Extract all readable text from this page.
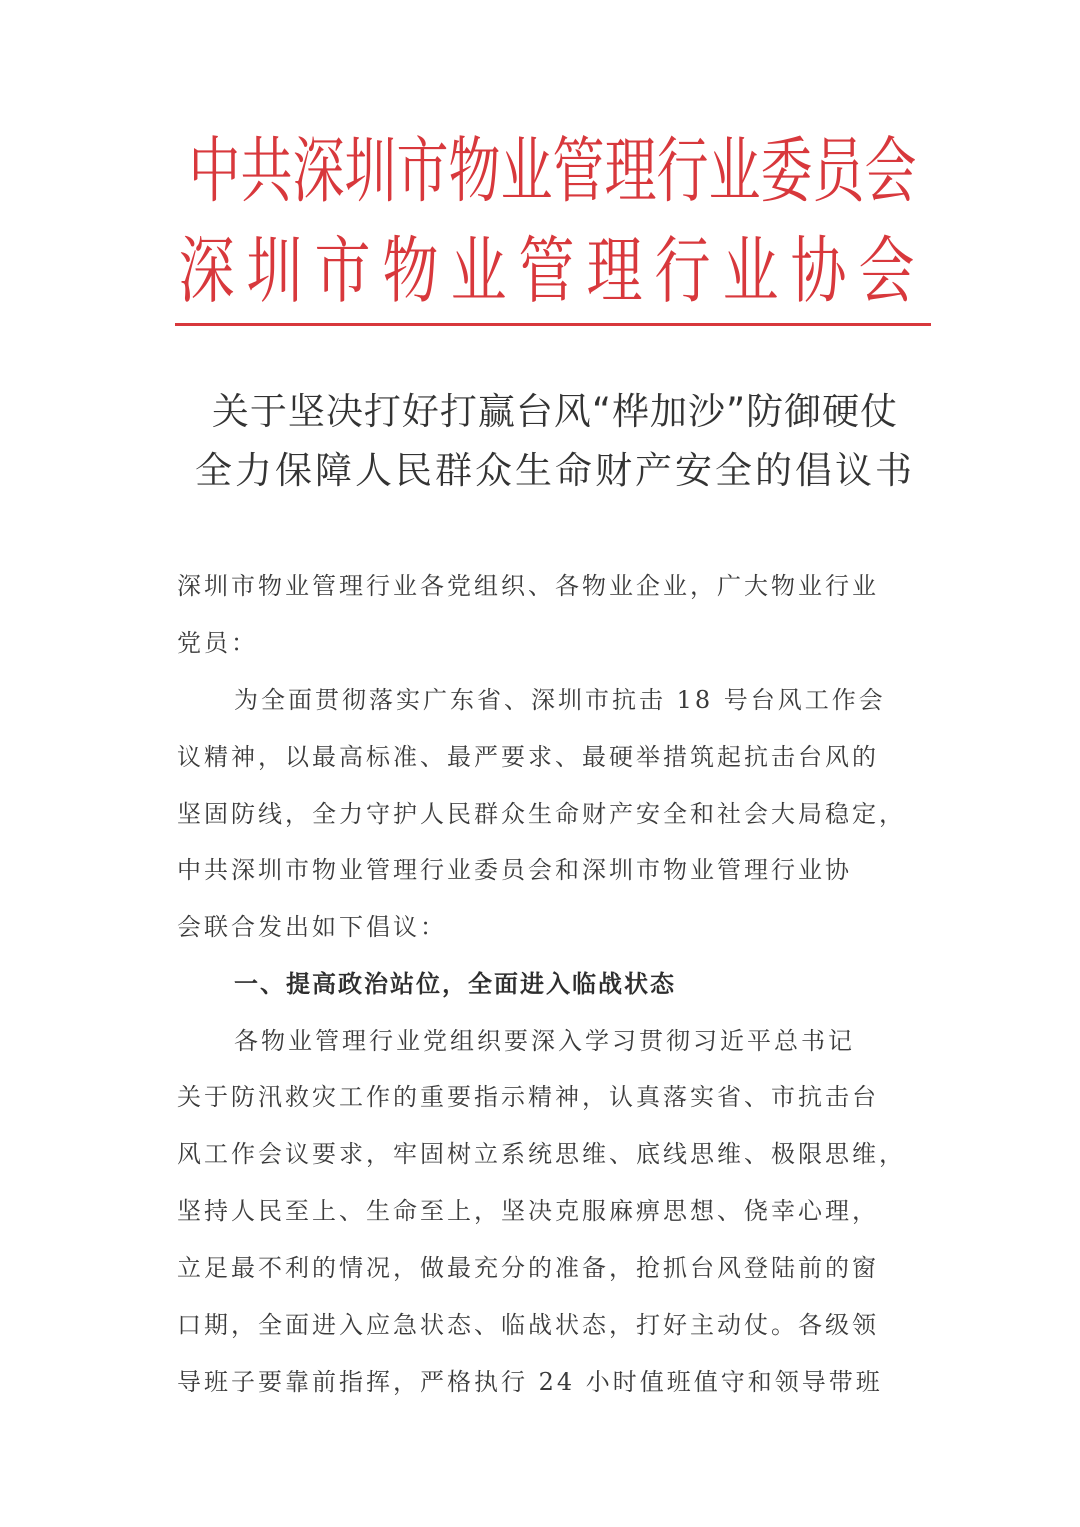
中共深圳市物业管理行业委员会
深圳市物业管理行业协会
关于坚决打好打赢台风“桦加沙”防御硬仗
全力保障人民群众生命财产安全的倡议书
深圳市物业管理行业各党组织、各物业企业，广大物业行业
党员：
为全面贯彻落实广东省、深圳市抗击 18 号台风工作会
议精神，以最高标准、最严要求、最硬举措筑起抗击台风的
坚固防线，全力守护人民群众生命财产安全和社会大局稳定，
中共深圳市物业管理行业委员会和深圳市物业管理行业协
会联合发出如下倡议：
一、提高政治站位，全面进入临战状态
各物业管理行业党组织要深入学习贯彻习近平总书记
关于防汛救灾工作的重要指示精神，认真落实省、市抗击台
风工作会议要求，牢固树立系统思维、底线思维、极限思维，
坚持人民至上、生命至上，坚决克服麻痹思想、侥幸心理，
立足最不利的情况，做最充分的准备，抢抓台风登陆前的窗
口期，全面进入应急状态、临战状态，打好主动仗。各级领
导班子要靠前指挥，严格执行 24 小时值班值守和领导带班
